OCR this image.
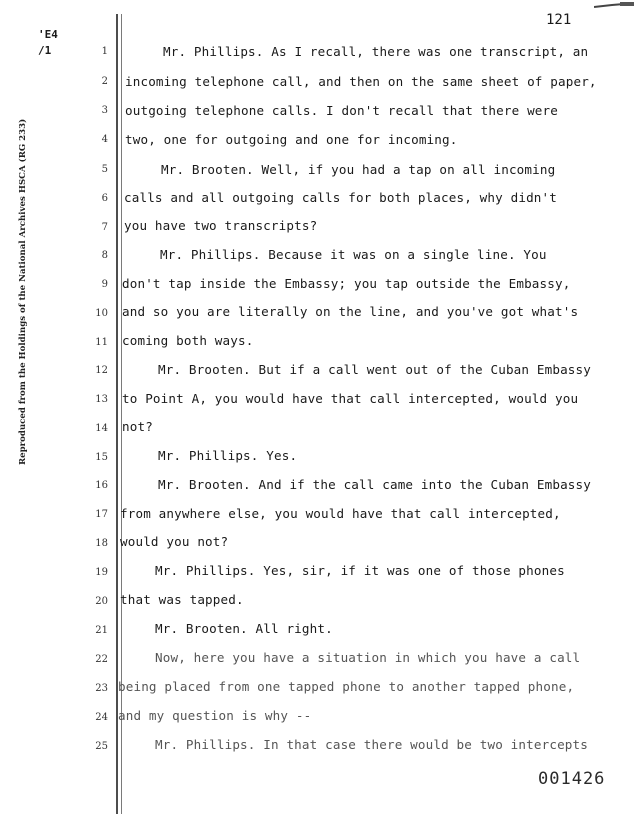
121
'E4
/1
Reproduced from the Holdings of the National Archives HSCA (RG 233)
1	Mr. Phillips. As I recall, there was one transcript, an
2 incoming telephone call, and then on the same sheet of paper,
3 outgoing telephone calls. I don't recall that there were
4 two, one for outgoing and one for incoming.
5	Mr. Brooten. Well, if you had a tap on all incoming
6 calls and all outgoing calls for both places, why didn't
7 you have two transcripts?
8	Mr. Phillips. Because it was on a single line. You
9 don't tap inside the Embassy; you tap outside the Embassy,
10 and so you are literally on the line, and you've got what's
11 coming both ways.
12	Mr. Brooten. But if a call went out of the Cuban Embassy
13 to Point A, you would have that call intercepted, would you
14 not?
15	Mr. Phillips. Yes.
16	Mr. Brooten. And if the call came into the Cuban Embassy
17 from anywhere else, you would have that call intercepted,
18 would you not?
19	Mr. Phillips. Yes, sir, if it was one of those phones
20 that was tapped.
21	Mr. Brooten. All right.
22	Now, here you have a situation in which you have a call
23 being placed from one tapped phone to another tapped phone,
24 and my question is why --
25	Mr. Phillips. In that case there would be two intercepts
001426
